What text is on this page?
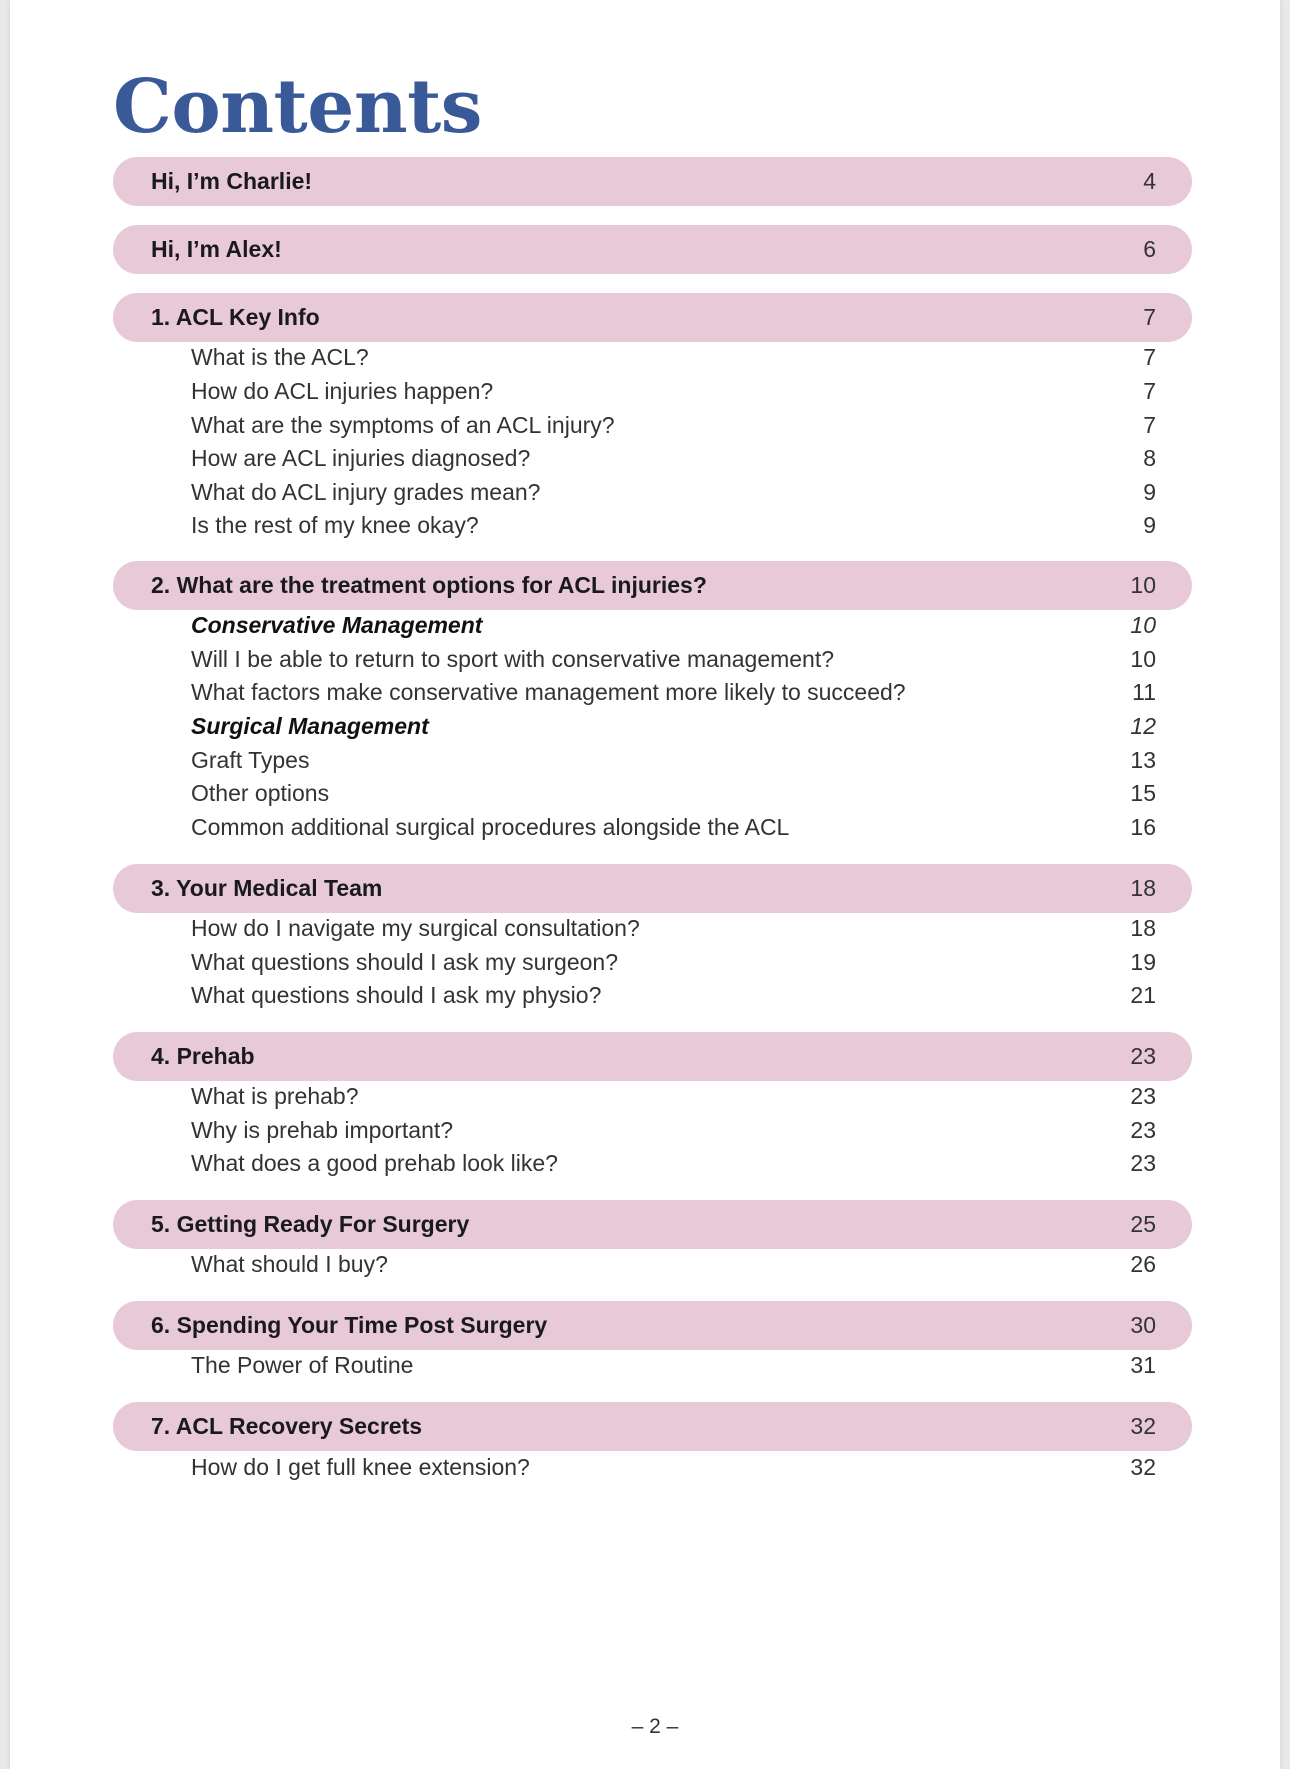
Contents
Hi, I’m Charlie!	4
Hi, I’m Alex!	6
1. ACL Key Info	7
What is the ACL?	7
How do ACL injuries happen?	7
What are the symptoms of an ACL injury?	7
How are ACL injuries diagnosed?	8
What do ACL injury grades mean?	9
Is the rest of my knee okay?	9
2. What are the treatment options for ACL injuries?	10
Conservative Management	10
Will I be able to return to sport with conservative management?	10
What factors make conservative management more likely to succeed?	11
Surgical Management	12
Graft Types	13
Other options	15
Common additional surgical procedures alongside the ACL	16
3. Your Medical Team	18
How do I navigate my surgical consultation?	18
What questions should I ask my surgeon?	19
What questions should I ask my physio?	21
4. Prehab	23
What is prehab?	23
Why is prehab important?	23
What does a good prehab look like?	23
5. Getting Ready For Surgery	25
What should I buy?	26
6. Spending Your Time Post Surgery	30
The Power of Routine	31
7. ACL Recovery Secrets	32
How do I get full knee extension?	32
– 2 –
